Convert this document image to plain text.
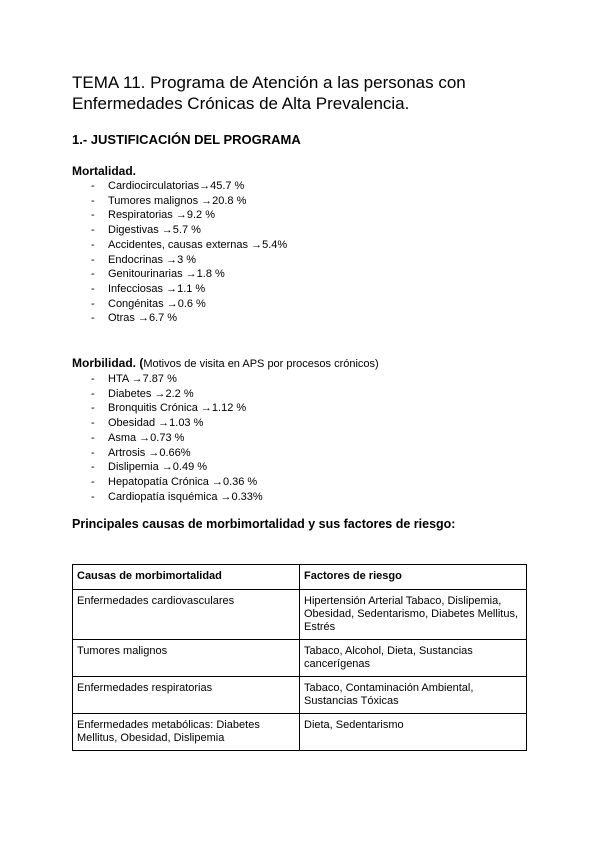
TEMA 11. Programa de Atención a las personas con Enfermedades Crónicas de Alta Prevalencia.
1.- JUSTIFICACIÓN DEL PROGRAMA
Mortalidad.
- Cardiocirculatorias→45.7 %
- Tumores malignos →20.8 %
- Respiratorias →9.2 %
- Digestivas →5.7 %
- Accidentes, causas externas →5.4%
- Endocrinas →3 %
- Genitourinarias →1.8 %
- Infecciosas →1.1 %
- Congénitas →0.6 %
- Otras →6.7 %
Morbilidad. (Motivos de visita en APS por procesos crónicos)
- HTA →7.87 %
- Diabetes →2.2 %
- Bronquitis Crónica →1.12 %
- Obesidad →1.03 %
- Asma →0.73 %
- Artrosis →0.66%
- Dislipemia →0.49 %
- Hepatopatía Crónica →0.36 %
- Cardiopatía isquémica →0.33%
Principales causas de morbimortalidad y sus factores de riesgo:
Causas de morbimortalidad	Factores de riesgo
Enfermedades cardiovasculares	Hipertensión Arterial Tabaco, Dislipemia, Obesidad, Sedentarismo, Diabetes Mellitus, Estrés
Tumores malignos	Tabaco, Alcohol, Dieta, Sustancias cancerígenas
Enfermedades respiratorias	Tabaco, Contaminación Ambiental, Sustancias Tóxicas
Enfermedades metabólicas: Diabetes Mellitus, Obesidad, Dislipemia	Dieta, Sedentarismo
